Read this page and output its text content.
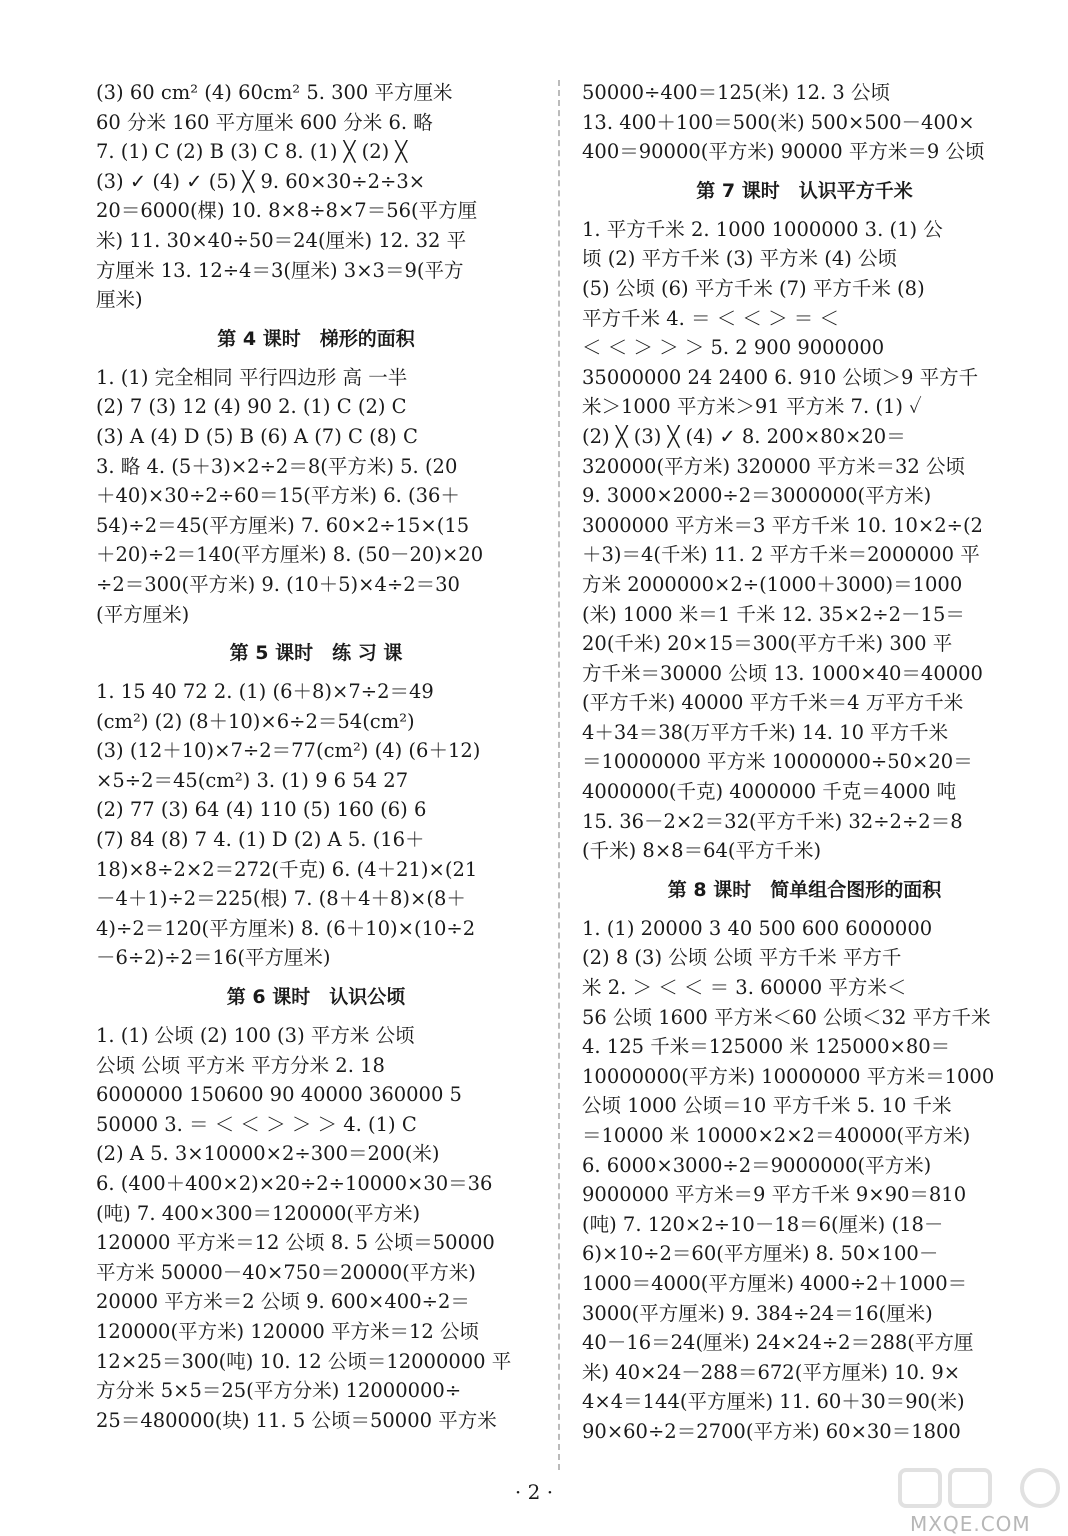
(3) 60 cm² (4) 60cm² 5. 300 平方厘米
60 分米 160 平方厘米 600 分米 6. 略
7. (1) C (2) B (3) C 8. (1) ╳ (2) ╳
(3) ✓ (4) ✓ (5) ╳ 9. 60×30÷2÷3×
20＝6000(棵) 10. 8×8÷8×7＝56(平方厘
米) 11. 30×40÷50＝24(厘米) 12. 32 平
方厘米 13. 12÷4＝3(厘米) 3×3＝9(平方
厘米)
第 4 课时　梯形的面积
1. (1) 完全相同 平行四边形 高 一半
(2) 7 (3) 12 (4) 90 2. (1) C (2) C
(3) A (4) D (5) B (6) A (7) C (8) C
3. 略 4. (5＋3)×2÷2＝8(平方米) 5. (20
＋40)×30÷2÷60＝15(平方米) 6. (36＋
54)÷2＝45(平方厘米) 7. 60×2÷15×(15
＋20)÷2＝140(平方厘米) 8. (50－20)×20
÷2＝300(平方米) 9. (10＋5)×4÷2＝30
(平方厘米)
第 5 课时　练 习 课
1. 15 40 72 2. (1) (6＋8)×7÷2＝49
(cm²) (2) (8＋10)×6÷2＝54(cm²)
(3) (12＋10)×7÷2＝77(cm²) (4) (6＋12)
×5÷2＝45(cm²) 3. (1) 9 6 54 27
(2) 77 (3) 64 (4) 110 (5) 160 (6) 6
(7) 84 (8) 7 4. (1) D (2) A 5. (16＋
18)×8÷2×2＝272(千克) 6. (4＋21)×(21
－4＋1)÷2＝225(根) 7. (8＋4＋8)×(8＋
4)÷2＝120(平方厘米) 8. (6＋10)×(10÷2
－6÷2)÷2＝16(平方厘米)
第 6 课时　认识公顷
1. (1) 公顷 (2) 100 (3) 平方米 公顷
公顷 公顷 平方米 平方分米 2. 18
6000000 150600 90 40000 360000 5
50000 3. ＝ ＜ ＜ ＞ ＞ ＞ 4. (1) C
(2) A 5. 3×10000×2÷300＝200(米)
6. (400＋400×2)×20÷2÷10000×30＝36
(吨) 7. 400×300＝120000(平方米)
120000 平方米＝12 公顷 8. 5 公顷＝50000
平方米 50000－40×750＝20000(平方米)
20000 平方米＝2 公顷 9. 600×400÷2＝
120000(平方米) 120000 平方米＝12 公顷
12×25＝300(吨) 10. 12 公顷＝12000000 平
方分米 5×5＝25(平方分米) 12000000÷
25＝480000(块) 11. 5 公顷＝50000 平方米
50000÷400＝125(米) 12. 3 公顷
13. 400＋100＝500(米) 500×500－400×
400＝90000(平方米) 90000 平方米＝9 公顷
第 7 课时　认识平方千米
1. 平方千米 2. 1000 1000000 3. (1) 公
顷 (2) 平方千米 (3) 平方米 (4) 公顷
(5) 公顷 (6) 平方千米 (7) 平方千米 (8)
平方千米 4. ＝ ＜ ＜ ＞ ＝ ＜
＜ ＜ ＞ ＞ ＞ 5. 2 900 9000000
35000000 24 2400 6. 910 公顷＞9 平方千
米＞1000 平方米＞91 平方米 7. (1) ✓
(2) ╳ (3) ╳ (4) ✓ 8. 200×80×20＝
320000(平方米) 320000 平方米＝32 公顷
9. 3000×2000÷2＝3000000(平方米)
3000000 平方米＝3 平方千米 10. 10×2÷(2
＋3)＝4(千米) 11. 2 平方千米＝2000000 平
方米 2000000×2÷(1000＋3000)＝1000
(米) 1000 米＝1 千米 12. 35×2÷2－15＝
20(千米) 20×15＝300(平方千米) 300 平
方千米＝30000 公顷 13. 1000×40＝40000
(平方千米) 40000 平方千米＝4 万平方千米
4＋34＝38(万平方千米) 14. 10 平方千米
＝10000000 平方米 10000000÷50×20＝
4000000(千克) 4000000 千克＝4000 吨
15. 36－2×2＝32(平方千米) 32÷2÷2＝8
(千米) 8×8＝64(平方千米)
第 8 课时　简单组合图形的面积
1. (1) 20000 3 40 500 600 6000000
(2) 8 (3) 公顷 公顷 平方千米 平方千
米 2. ＞ ＜ ＜ ＝ 3. 60000 平方米＜
56 公顷 1600 平方米＜60 公顷＜32 平方千米
4. 125 千米＝125000 米 125000×80＝
10000000(平方米) 10000000 平方米＝1000
公顷 1000 公顷＝10 平方千米 5. 10 千米
＝10000 米 10000×2×2＝40000(平方米)
6. 6000×3000÷2＝9000000(平方米)
9000000 平方米＝9 平方千米 9×90＝810
(吨) 7. 120×2÷10－18＝6(厘米) (18－
6)×10÷2＝60(平方厘米) 8. 50×100－
1000＝4000(平方厘米) 4000÷2＋1000＝
3000(平方厘米) 9. 384÷24＝16(厘米)
40－16＝24(厘米) 24×24÷2＝288(平方厘
米) 40×24－288＝672(平方厘米) 10. 9×
4×4＝144(平方厘米) 11. 60＋30＝90(米)
90×60÷2＝2700(平方米) 60×30＝1800
· 2 ·
MXQE.COM
